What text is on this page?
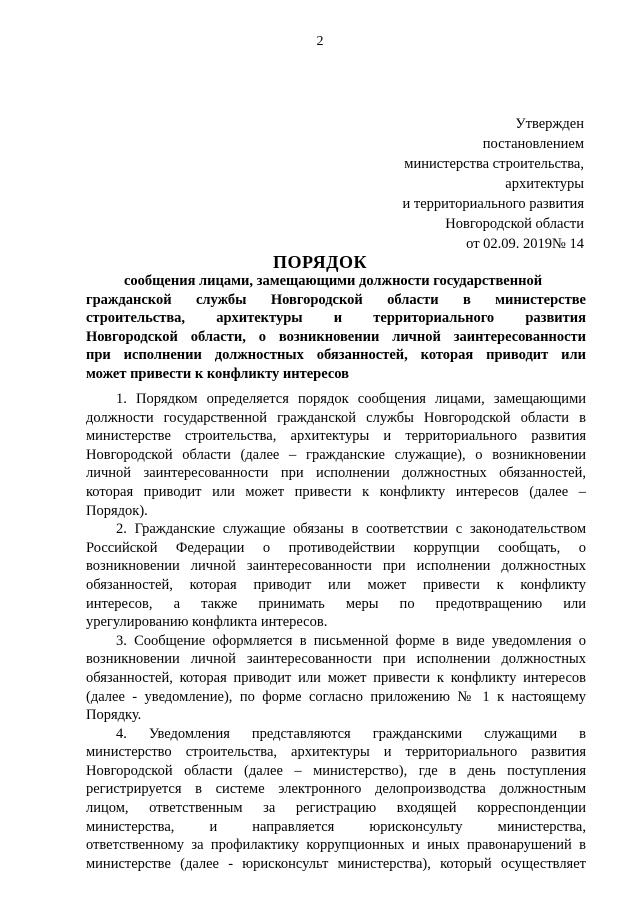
2
Утвержден
постановлением
министерства строительства,
архитектуры
и территориального развития
Новгородской области
от 02.09. 2019№ 14
ПОРЯДОК
сообщения лицами, замещающими должности государственной
гражданской службы Новгородской области в министерстве
строительства, архитектуры и территориального развития
Новгородской области, о возникновении личной заинтересованности
при исполнении должностных обязанностей, которая приводит или
может привести к конфликту интересов
1. Порядком определяется порядок сообщения лицами, замещающими
должности государственной гражданской службы Новгородской области в
министерстве строительства, архитектуры и территориального развития
Новгородской области (далее – гражданские служащие), о возникновении
личной заинтересованности при исполнении должностных обязанностей,
которая приводит или может привести к конфликту интересов (далее –
Порядок).
2. Гражданские служащие обязаны в соответствии с законодательством
Российской Федерации о противодействии коррупции сообщать, о
возникновении личной заинтересованности при исполнении должностных
обязанностей, которая приводит или может привести к конфликту
интересов, а также принимать меры по предотвращению или
урегулированию конфликта интересов.
3. Сообщение оформляется в письменной форме в виде уведомления о
возникновении личной заинтересованности при исполнении должностных
обязанностей, которая приводит или может привести к конфликту интересов
(далее - уведомление), по форме согласно приложению № 1 к настоящему
Порядку.
4. Уведомления представляются гражданскими служащими в
министерство строительства, архитектуры и территориального развития
Новгородской области (далее – министерство), где в день поступления
регистрируется в системе электронного делопроизводства должностным
лицом, ответственным за регистрацию входящей корреспонденции
министерства, и направляется юрисконсульту министерства,
ответственному за профилактику коррупционных и иных правонарушений в
министерстве (далее - юрисконсульт министерства), который осуществляет
